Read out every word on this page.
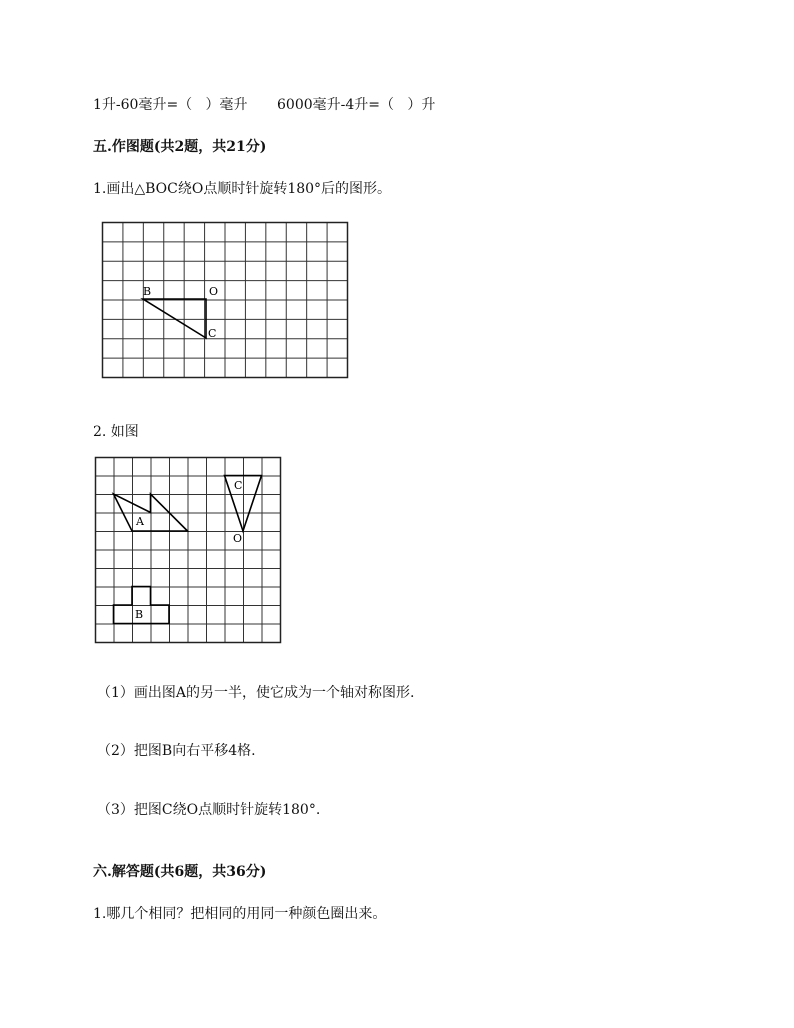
1升-60毫升=（   ）毫升 6000毫升-4升=（   ）升
五.作图题(共2题，共21分)
1.画出△BOC绕O点顺时针旋转180°后的图形。
B	O
C
2. 如图
A
B
C
O
（1）画出图A的另一半，使它成为一个轴对称图形.
（2）把图B向右平移4格.
（3）把图C绕O点顺时针旋转180°.
六.解答题(共6题，共36分)
1.哪几个相同？把相同的用同一种颜色圈出来。
